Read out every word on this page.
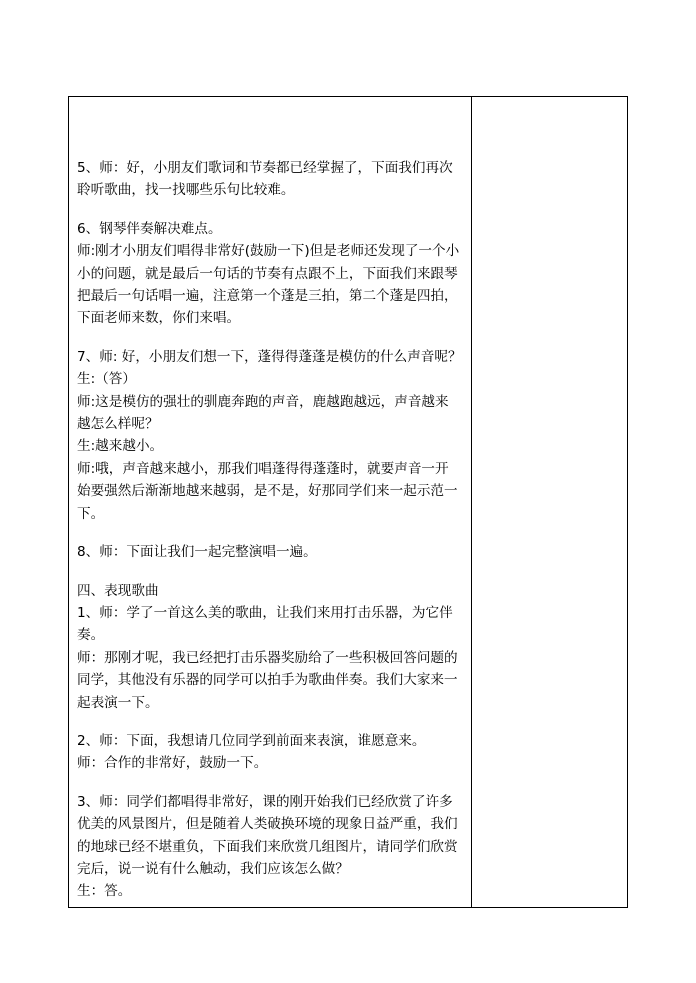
5、师：好，小朋友们歌词和节奏都已经掌握了，下面我们再次
聆听歌曲，找一找哪些乐句比较难。

6、钢琴伴奏解决难点。
师:刚才小朋友们唱得非常好(鼓励一下)但是老师还发现了一个小
小的问题，就是最后一句话的节奏有点跟不上，下面我们来跟琴
把最后一句话唱一遍，注意第一个蓬是三拍，第二个蓬是四拍，
下面老师来数，你们来唱。

7、师: 好，小朋友们想一下，蓬得得蓬蓬是模仿的什么声音呢？
生:（答）
师:这是模仿的强壮的驯鹿奔跑的声音，鹿越跑越远，声音越来
越怎么样呢？
生:越来越小。
师:哦，声音越来越小，那我们唱蓬得得蓬蓬时，就要声音一开
始要强然后渐渐地越来越弱，是不是，好那同学们来一起示范一
下。

8、师：下面让我们一起完整演唱一遍。

四、表现歌曲
1、师：学了一首这么美的歌曲，让我们来用打击乐器，为它伴
奏。
师：那刚才呢，我已经把打击乐器奖励给了一些积极回答问题的
同学，其他没有乐器的同学可以拍手为歌曲伴奏。我们大家来一
起表演一下。

2、师：下面，我想请几位同学到前面来表演，谁愿意来。
师：合作的非常好，鼓励一下。

3、师：同学们都唱得非常好，课的刚开始我们已经欣赏了许多
优美的风景图片，但是随着人类破换环境的现象日益严重，我们
的地球已经不堪重负，下面我们来欣赏几组图片，请同学们欣赏
完后，说一说有什么触动，我们应该怎么做？
生：答。
